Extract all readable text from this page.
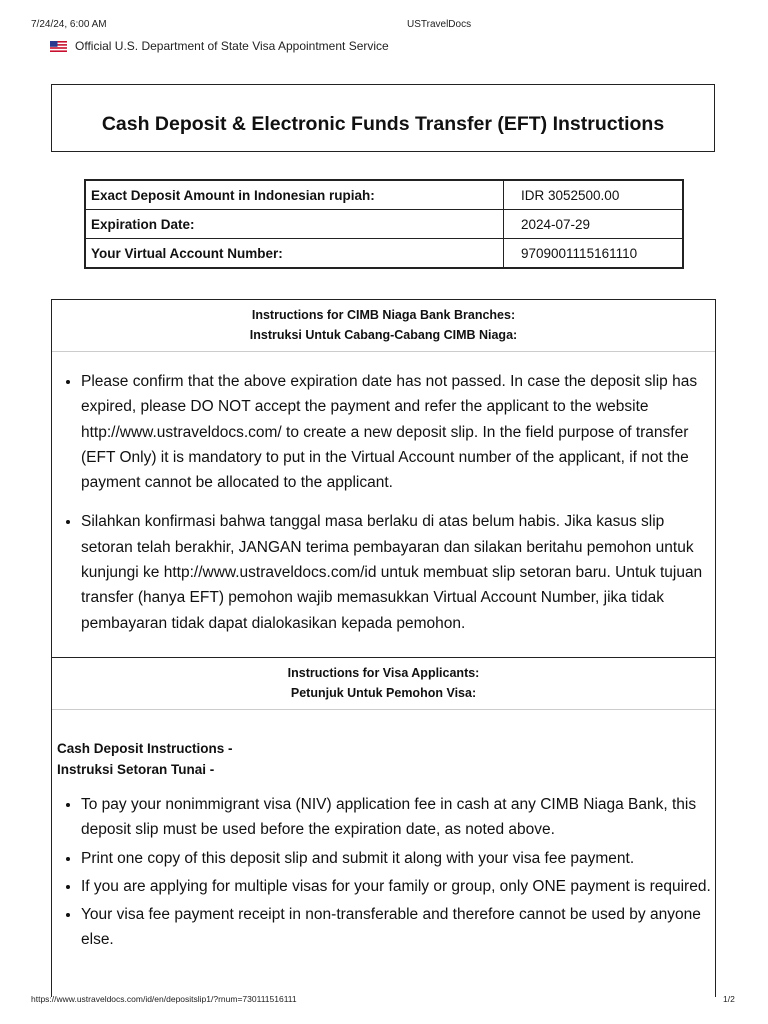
7/24/24, 6:00 AM	USTravelDocs
Official U.S. Department of State Visa Appointment Service
Cash Deposit & Electronic Funds Transfer (EFT) Instructions
Exact Deposit Amount in Indonesian rupiah:	IDR 3052500.00
Expiration Date:	2024-07-29
Your Virtual Account Number:	9709001115161110
Instructions for CIMB Niaga Bank Branches:
Instruksi Untuk Cabang-Cabang CIMB Niaga:
• Please confirm that the above expiration date has not passed. In case the deposit slip has expired, please DO NOT accept the payment and refer the applicant to the website http://www.ustraveldocs.com/ to create a new deposit slip. In the field purpose of transfer (EFT Only) it is mandatory to put in the Virtual Account number of the applicant, if not the payment cannot be allocated to the applicant.
• Silahkan konfirmasi bahwa tanggal masa berlaku di atas belum habis. Jika kasus slip setoran telah berakhir, JANGAN terima pembayaran dan silakan beritahu pemohon untuk kunjungi ke http://www.ustraveldocs.com/id untuk membuat slip setoran baru. Untuk tujuan transfer (hanya EFT) pemohon wajib memasukkan Virtual Account Number, jika tidak pembayaran tidak dapat dialokasikan kepada pemohon.
Instructions for Visa Applicants:
Petunjuk Untuk Pemohon Visa:
Cash Deposit Instructions -
Instruksi Setoran Tunai -
• To pay your nonimmigrant visa (NIV) application fee in cash at any CIMB Niaga Bank, this deposit slip must be used before the expiration date, as noted above.
• Print one copy of this deposit slip and submit it along with your visa fee payment.
• If you are applying for multiple visas for your family or group, only ONE payment is required.
• Your visa fee payment receipt in non-transferable and therefore cannot be used by anyone else.
https://www.ustraveldocs.com/id/en/depositslip1/?rnum=730111516111	1/2
